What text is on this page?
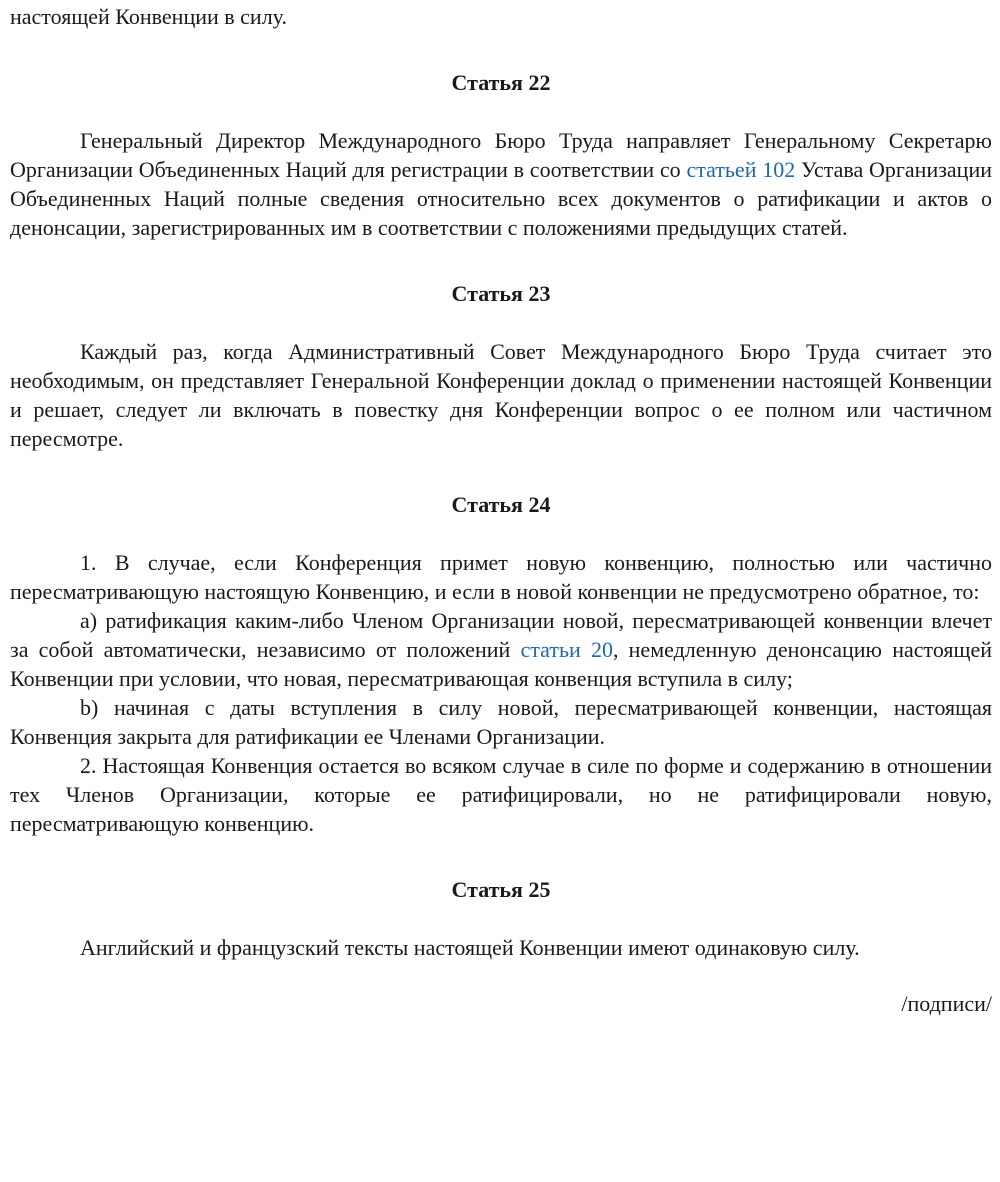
настоящей Конвенции в силу.

Статья 22

Генеральный Директор Международного Бюро Труда направляет Генеральному Секретарю Организации Объединенных Наций для регистрации в соответствии со статьей 102 Устава Организации Объединенных Наций полные сведения относительно всех документов о ратификации и актов о денонсации, зарегистрированных им в соответствии с положениями предыдущих статей.

Статья 23

Каждый раз, когда Административный Совет Международного Бюро Труда считает это необходимым, он представляет Генеральной Конференции доклад о применении настоящей Конвенции и решает, следует ли включать в повестку дня Конференции вопрос о ее полном или частичном пересмотре.

Статья 24

1. В случае, если Конференция примет новую конвенцию, полностью или частично пересматривающую настоящую Конвенцию, и если в новой конвенции не предусмотрено обратное, то:

a) ратификация каким-либо Членом Организации новой, пересматривающей конвенции влечет за собой автоматически, независимо от положений статьи 20, немедленную денонсацию настоящей Конвенции при условии, что новая, пересматривающая конвенция вступила в силу;

b) начиная с даты вступления в силу новой, пересматривающей конвенции, настоящая Конвенция закрыта для ратификации ее Членами Организации.

2. Настоящая Конвенция остается во всяком случае в силе по форме и содержанию в отношении тех Членов Организации, которые ее ратифицировали, но не ратифицировали новую, пересматривающую конвенцию.

Статья 25

Английский и французский тексты настоящей Конвенции имеют одинаковую силу.

/подписи/
